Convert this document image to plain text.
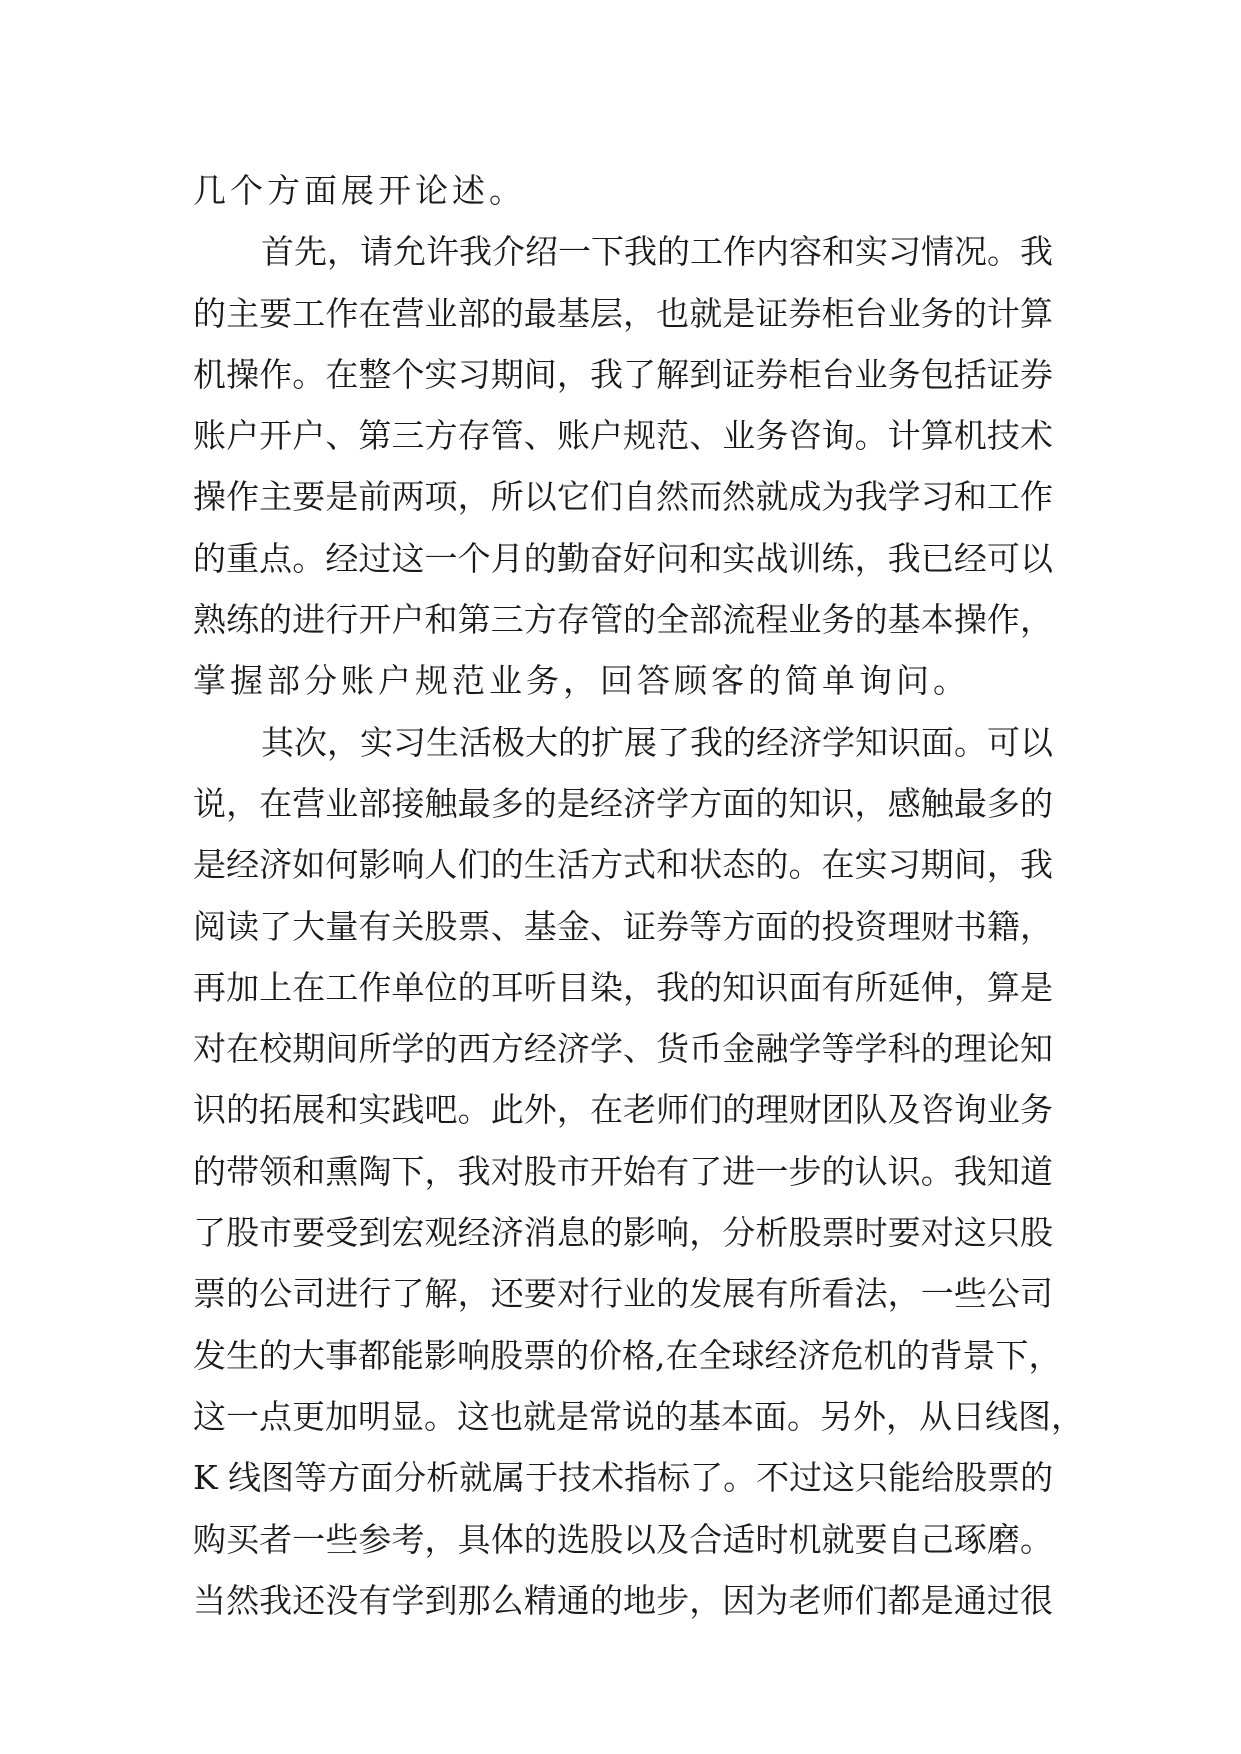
几个方面展开论述。
首先，请允许我介绍一下我的工作内容和实习情况。我
的主要工作在营业部的最基层，也就是证券柜台业务的计算
机操作。在整个实习期间，我了解到证券柜台业务包括证券
账户开户、第三方存管、账户规范、业务咨询。计算机技术
操作主要是前两项，所以它们自然而然就成为我学习和工作
的重点。经过这一个月的勤奋好问和实战训练，我已经可以
熟练的进行开户和第三方存管的全部流程业务的基本操作，
掌握部分账户规范业务，回答顾客的简单询问。
其次，实习生活极大的扩展了我的经济学知识面。可以
说，在营业部接触最多的是经济学方面的知识，感触最多的
是经济如何影响人们的生活方式和状态的。在实习期间，我
阅读了大量有关股票、基金、证券等方面的投资理财书籍，
再加上在工作单位的耳听目染，我的知识面有所延伸，算是
对在校期间所学的西方经济学、货币金融学等学科的理论知
识的拓展和实践吧。此外，在老师们的理财团队及咨询业务
的带领和熏陶下，我对股市开始有了进一步的认识。我知道
了股市要受到宏观经济消息的影响，分析股票时要对这只股
票的公司进行了解，还要对行业的发展有所看法，一些公司
发生的大事都能影响股票的价格,在全球经济危机的背景下，
这一点更加明显。这也就是常说的基本面。另外，从日线图，
K 线图等方面分析就属于技术指标了。不过这只能给股票的
购买者一些参考，具体的选股以及合适时机就要自己琢磨。
当然我还没有学到那么精通的地步，因为老师们都是通过很
